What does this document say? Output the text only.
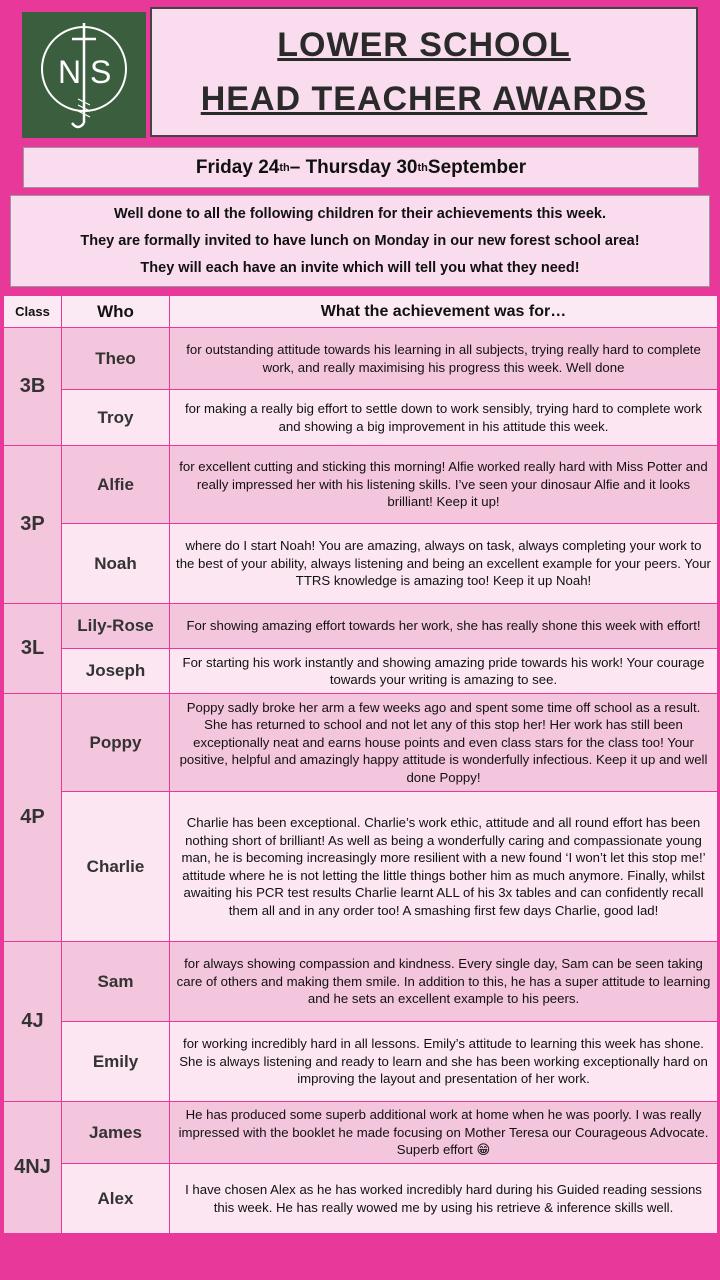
N S
LOWER SCHOOL
HEAD TEACHER AWARDS
Friday 24 th – Thursday 30 th September
Well done to all the following children for their achievements this week.
They are formally invited to have lunch on Monday in our new forest school area!
They will each have an invite which will tell you what they need!
Class	Who	What the achievement was for…
3B	Theo	for outstanding attitude towards his learning in all subjects, trying really hard to complete work, and really maximising his progress this week. Well done
	Troy	for making a really big effort to settle down to work sensibly, trying hard to complete work and showing a big improvement in his attitude this week.
3P	Alfie	for excellent cutting and sticking this morning! Alfie worked really hard with Miss Potter and really impressed her with his listening skills. I’ve seen your dinosaur Alfie and it looks brilliant! Keep it up!
	Noah	where do I start Noah! You are amazing, always on task, always completing your work to the best of your ability, always listening and being an excellent example for your peers. Your TTRS knowledge is amazing too! Keep it up Noah!
3L	Lily-Rose	For showing amazing effort towards her work, she has really shone this week with effort!
	Joseph	For starting his work instantly and showing amazing pride towards his work! Your courage towards your writing is amazing to see.
4P	Poppy	Poppy sadly broke her arm a few weeks ago and spent some time off school as a result. She has returned to school and not let any of this stop her! Her work has still been exceptionally neat and earns house points and even class stars for the class too! Your positive, helpful and amazingly happy attitude is wonderfully infectious. Keep it up and well done Poppy!
	Charlie	Charlie has been exceptional. Charlie’s work ethic, attitude and all round effort has been nothing short of brilliant! As well as being a wonderfully caring and compassionate young man, he is becoming increasingly more resilient with a new found ‘I won’t let this stop me!’ attitude where he is not letting the little things bother him as much anymore. Finally, whilst awaiting his PCR test results Charlie learnt ALL of his 3x tables and can confidently recall them all and in any order too! A smashing first few days Charlie, good lad!
4J	Sam	for always showing compassion and kindness. Every single day, Sam can be seen taking care of others and making them smile. In addition to this, he has a super attitude to learning and he sets an excellent example to his peers.
	Emily	for working incredibly hard in all lessons. Emily’s attitude to learning this week has shone. She is always listening and ready to learn and she has been working exceptionally hard on improving the layout and presentation of her work.
4NJ	James	He has produced some superb additional work at home when he was poorly. I was really impressed with the booklet he made focusing on Mother Teresa our Courageous Advocate. Superb effort 😁
	Alex	I have chosen Alex as he has worked incredibly hard during his Guided reading sessions this week. He has really wowed me by using his retrieve & inference skills well.
